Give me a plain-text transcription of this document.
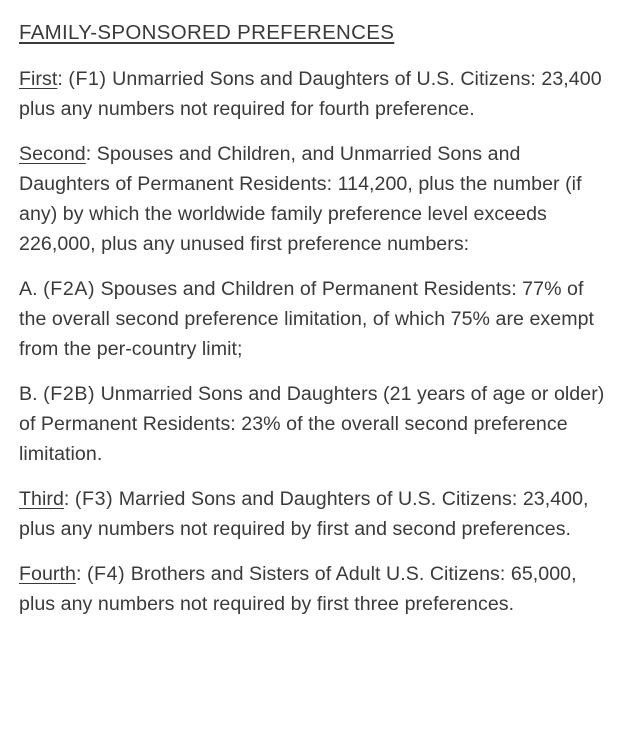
FAMILY-SPONSORED PREFERENCES

First: (F1) Unmarried Sons and Daughters of U.S. Citizens: 23,400 plus any numbers not required for fourth preference.

Second: Spouses and Children, and Unmarried Sons and Daughters of Permanent Residents: 114,200, plus the number (if any) by which the worldwide family preference level exceeds 226,000, plus any unused first preference numbers:

A. (F2A) Spouses and Children of Permanent Residents: 77% of the overall second preference limitation, of which 75% are exempt from the per-country limit;

B. (F2B) Unmarried Sons and Daughters (21 years of age or older) of Permanent Residents: 23% of the overall second preference limitation.

Third: (F3) Married Sons and Daughters of U.S. Citizens: 23,400, plus any numbers not required by first and second preferences.

Fourth: (F4) Brothers and Sisters of Adult U.S. Citizens: 65,000, plus any numbers not required by first three preferences.
